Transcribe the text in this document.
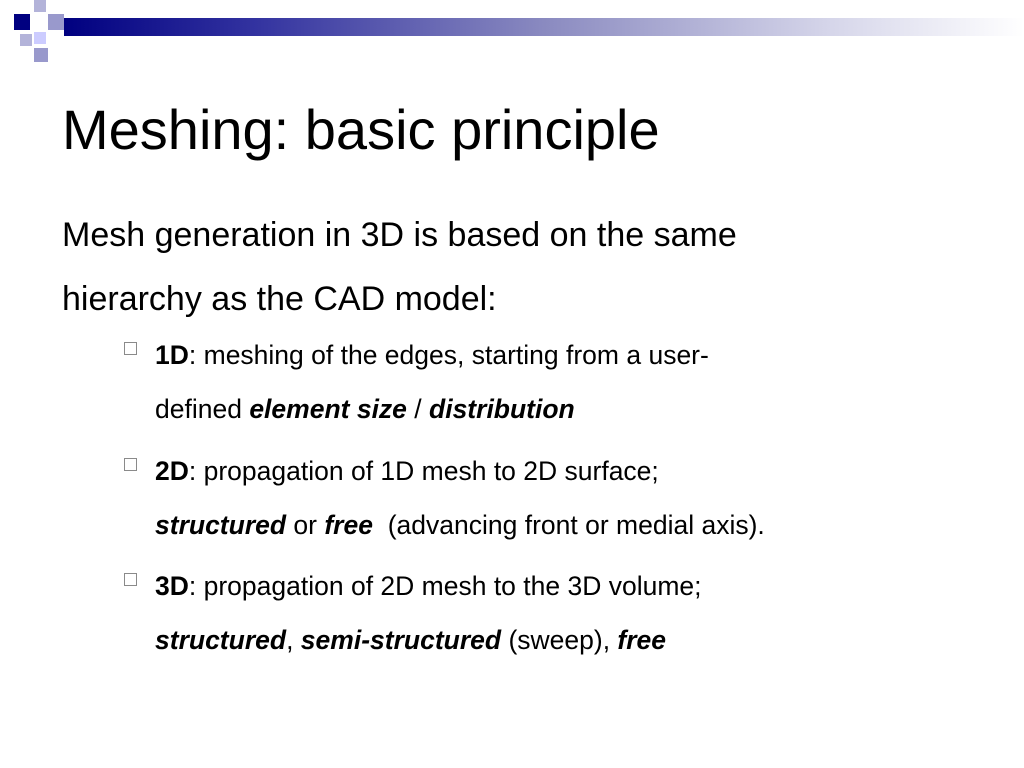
Meshing: basic principle
Mesh generation in 3D is based on the same
hierarchy as the CAD model:
1D: meshing of the edges, starting from a user-
defined element size / distribution
2D: propagation of 1D mesh to 2D surface;
structured or free  (advancing front or medial axis).
3D: propagation of 2D mesh to the 3D volume;
structured, semi-structured (sweep), free
